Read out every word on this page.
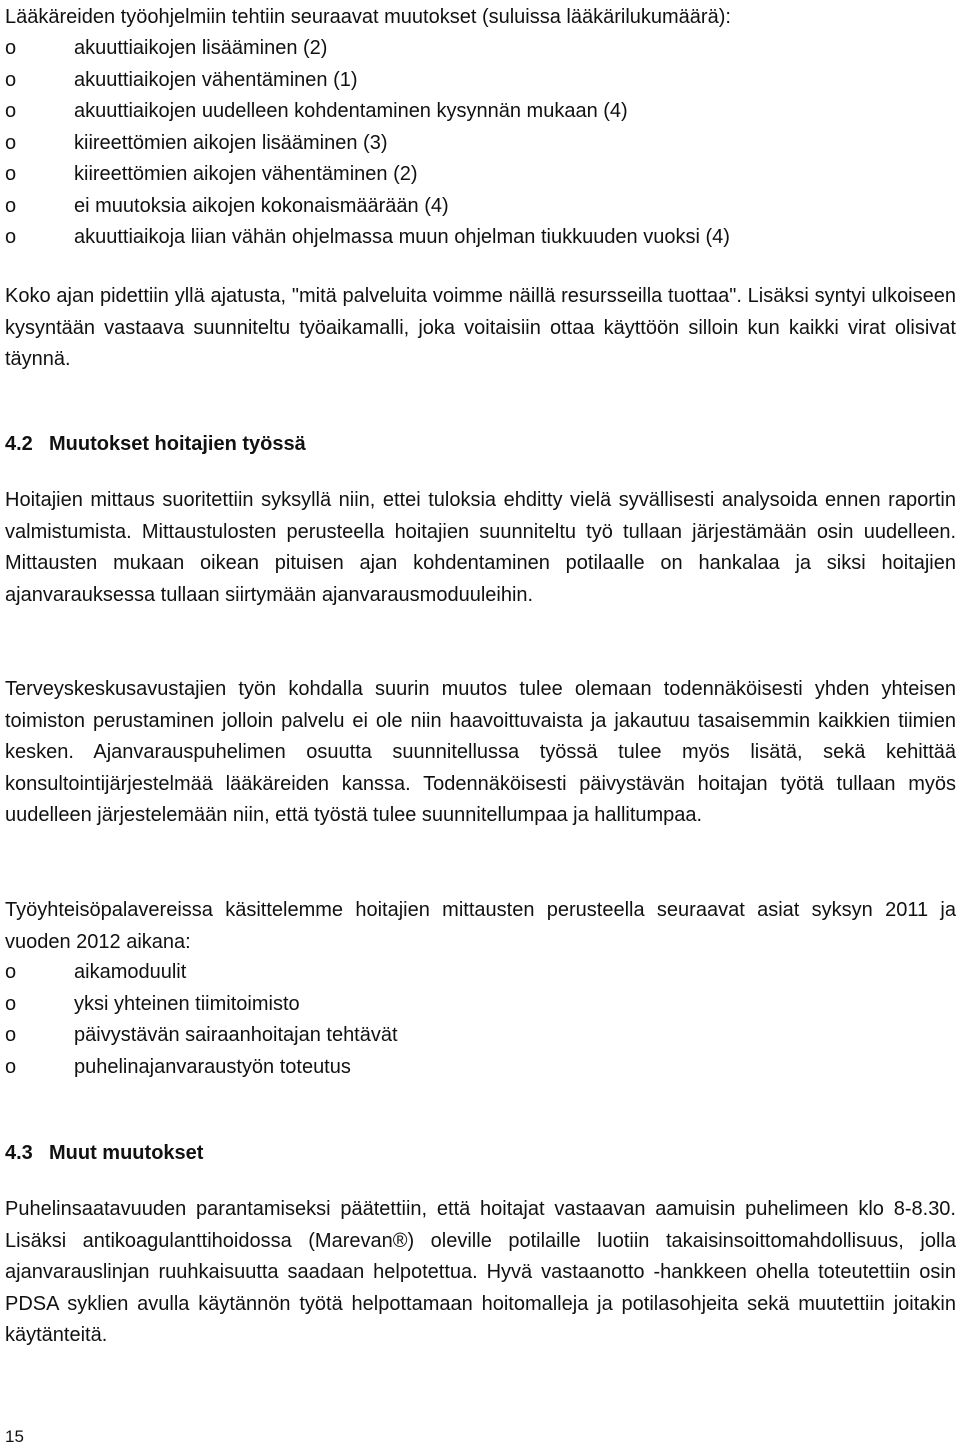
Lääkäreiden työohjelmiin tehtiin seuraavat muutokset (suluissa lääkärilukumäärä):

o	akuuttiaikojen lisääminen (2)
o	akuuttiaikojen vähentäminen (1)
o	akuuttiaikojen uudelleen kohdentaminen kysynnän mukaan (4)
o	kiireettömien aikojen lisääminen (3)
o	kiireettömien aikojen vähentäminen (2)
o	ei muutoksia aikojen kokonaismäärään (4)
o	akuuttiaikoja liian vähän ohjelmassa muun ohjelman tiukkuuden vuoksi (4)

Koko ajan pidettiin yllä ajatusta, "mitä palveluita voimme näillä resursseilla tuottaa". Lisäksi syntyi ulkoiseen kysyntään vastaava suunniteltu työaikamalli, joka voitaisiin ottaa käyttöön silloin kun kaikki virat olisivat täynnä.

4.2 Muutokset hoitajien työssä

Hoitajien mittaus suoritettiin syksyllä niin, ettei tuloksia ehditty vielä syvällisesti analysoida ennen raportin valmistumista. Mittaustulosten perusteella hoitajien suunniteltu työ tullaan järjestämään osin uudelleen. Mittausten mukaan oikean pituisen ajan kohdentaminen potilaalle on hankalaa ja siksi hoitajien ajanvarauksessa tullaan siirtymään ajanvarausmoduuleihin.

Terveyskeskusavustajien työn kohdalla suurin muutos tulee olemaan todennäköisesti yhden yhteisen toimiston perustaminen jolloin palvelu ei ole niin haavoittuvaista ja jakautuu tasaisemmin kaikkien tiimien kesken. Ajanvarauspuhelimen osuutta suunnitellussa työssä tulee myös lisätä, sekä kehittää konsultointijärjestelmää lääkäreiden kanssa. Todennäköisesti päivystävän hoitajan työtä tullaan myös uudelleen järjestelemään niin, että työstä tulee suunnitellumpaa ja hallitumpaa.

Työyhteisöpalavereissa käsittelemme hoitajien mittausten perusteella seuraavat asiat syksyn 2011 ja vuoden 2012 aikana:

o	aikamoduulit
o	yksi yhteinen tiimitoimisto
o	päivystävän sairaanhoitajan tehtävät
o	puhelinajanvaraustyön toteutus
4.3 Muut muutokset

Puhelinsaatavuuden parantamiseksi päätettiin, että hoitajat vastaavan aamuisin puhelimeen klo 8-8.30. Lisäksi antikoagulanttihoidossa (Marevan®) oleville potilaille luotiin takaisinsoittomahdollisuus, jolla ajanvarauslinjan ruuhkaisuutta saadaan helpotettua. Hyvä vastaanotto -hankkeen ohella toteutettiin osin PDSA syklien avulla käytännön työtä helpottamaan hoitomalleja ja potilasohjeita sekä muutettiin joitakin käytänteitä.

15
